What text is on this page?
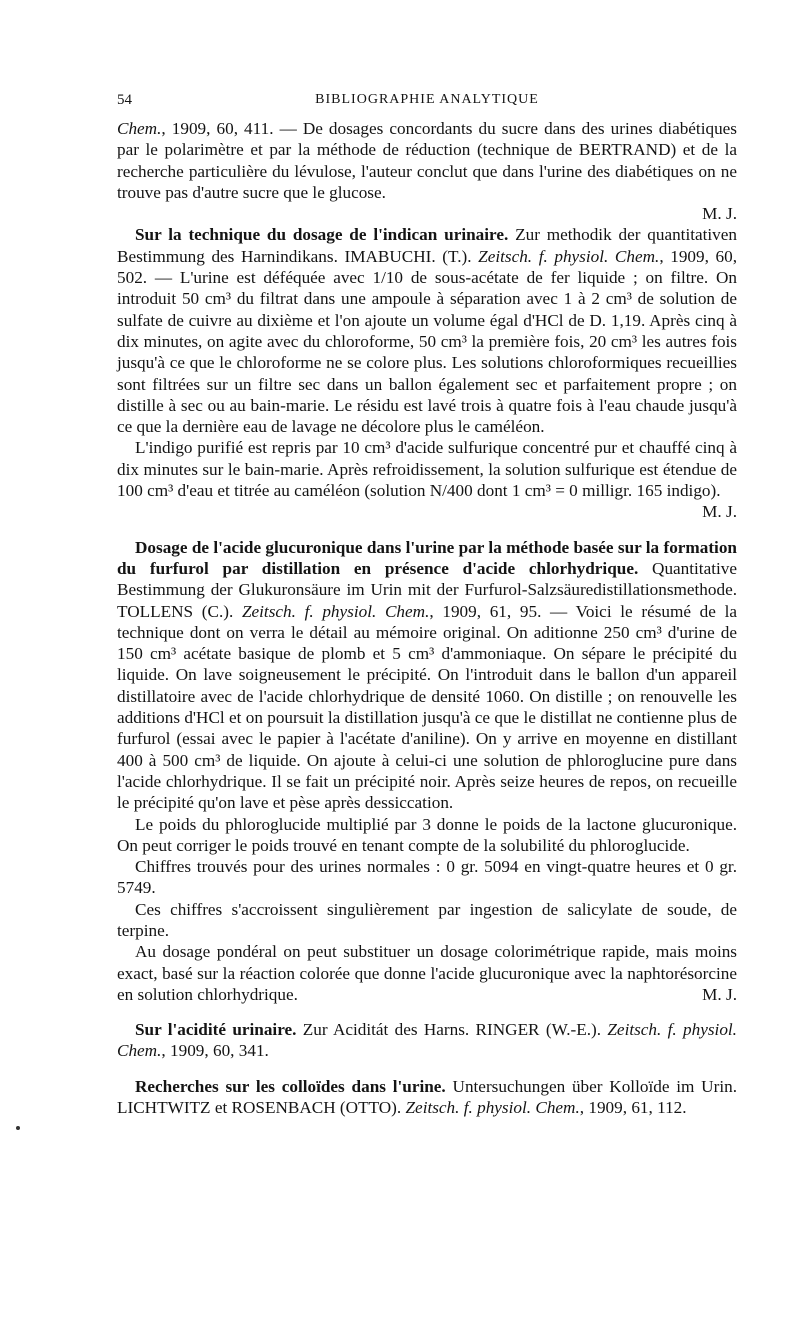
54	BIBLIOGRAPHIE ANALYTIQUE

Chem., 1909, 60, 411. — De dosages concordants du sucre dans des urines diabétiques par le polarimètre et par la méthode de réduction (technique de BERTRAND) et de la recherche particulière du lévulose, l'auteur conclut que dans l'urine des diabétiques on ne trouve pas d'autre sucre que le glucose.

M. J.

Sur la technique du dosage de l'indican urinaire. Zur methodik der quantitativen Bestimmung des Harnindikans. IMABUCHI. (T.). Zeitsch. f. physiol. Chem., 1909, 60, 502. — L'urine est déféquée avec 1/10 de sous-acétate de fer liquide ; on filtre. On introduit 50 cm³ du filtrat dans une ampoule à séparation avec 1 à 2 cm³ de solution de sulfate de cuivre au dixième et l'on ajoute un volume égal d'HCl de D. 1,19. Après cinq à dix minutes, on agite avec du chloroforme, 50 cm³ la première fois, 20 cm³ les autres fois jusqu'à ce que le chloroforme ne se colore plus. Les solutions chloroformiques recueillies sont filtrées sur un filtre sec dans un ballon également sec et parfaitement propre ; on distille à sec ou au bain-marie. Le résidu est lavé trois à quatre fois à l'eau chaude jusqu'à ce que la dernière eau de lavage ne décolore plus le caméléon.

L'indigo purifié est repris par 10 cm³ d'acide sulfurique concentré pur et chauffé cinq à dix minutes sur le bain-marie. Après refroidissement, la solution sulfurique est étendue de 100 cm³ d'eau et titrée au caméléon (solution N/400 dont 1 cm³ = 0 milligr. 165 indigo).

M. J.

Dosage de l'acide glucuronique dans l'urine par la méthode basée sur la formation du furfurol par distillation en présence d'acide chlorhydrique. Quantitative Bestimmung der Glukuronsäure im Urin mit der Furfurol-Salzsäuredistillationsmethode. TOLLENS (C.). Zeitsch. f. physiol. Chem., 1909, 61, 95. — Voici le résumé de la technique dont on verra le détail au mémoire original. On aditionne 250 cm³ d'urine de 150 cm³ acétate basique de plomb et 5 cm³ d'ammoniaque. On sépare le précipité du liquide. On lave soigneusement le précipité. On l'introduit dans le ballon d'un appareil distillatoire avec de l'acide chlorhydrique de densité 1060. On distille ; on renouvelle les additions d'HCl et on poursuit la distillation jusqu'à ce que le distillat ne contienne plus de furfurol (essai avec le papier à l'acétate d'aniline). On y arrive en moyenne en distillant 400 à 500 cm³ de liquide. On ajoute à celui-ci une solution de phloroglucine pure dans l'acide chlorhydrique. Il se fait un précipité noir. Après seize heures de repos, on recueille le précipité qu'on lave et pèse après dessiccation.

Le poids du phloroglucide multiplié par 3 donne le poids de la lactone glucuronique. On peut corriger le poids trouvé en tenant compte de la solubilité du phloroglucide.

Chiffres trouvés pour des urines normales : 0 gr. 5094 en vingt-quatre heures et 0 gr. 5749.

Ces chiffres s'accroissent singulièrement par ingestion de salicylate de soude, de terpine.

Au dosage pondéral on peut substituer un dosage colorimétrique rapide, mais moins exact, basé sur la réaction colorée que donne l'acide glucuronique avec la naphtorésorcine en solution chlorhydrique.	M. J.

Sur l'acidité urinaire. Zur Aciditát des Harns. RINGER (W.-E.). Zeitsch. f. physiol. Chem., 1909, 60, 341.

Recherches sur les colloïdes dans l'urine. Untersuchungen über Kolloïde im Urin. LICHTWITZ et ROSENBACH (OTTO). Zeitsch. f. physiol. Chem., 1909, 61, 112.
